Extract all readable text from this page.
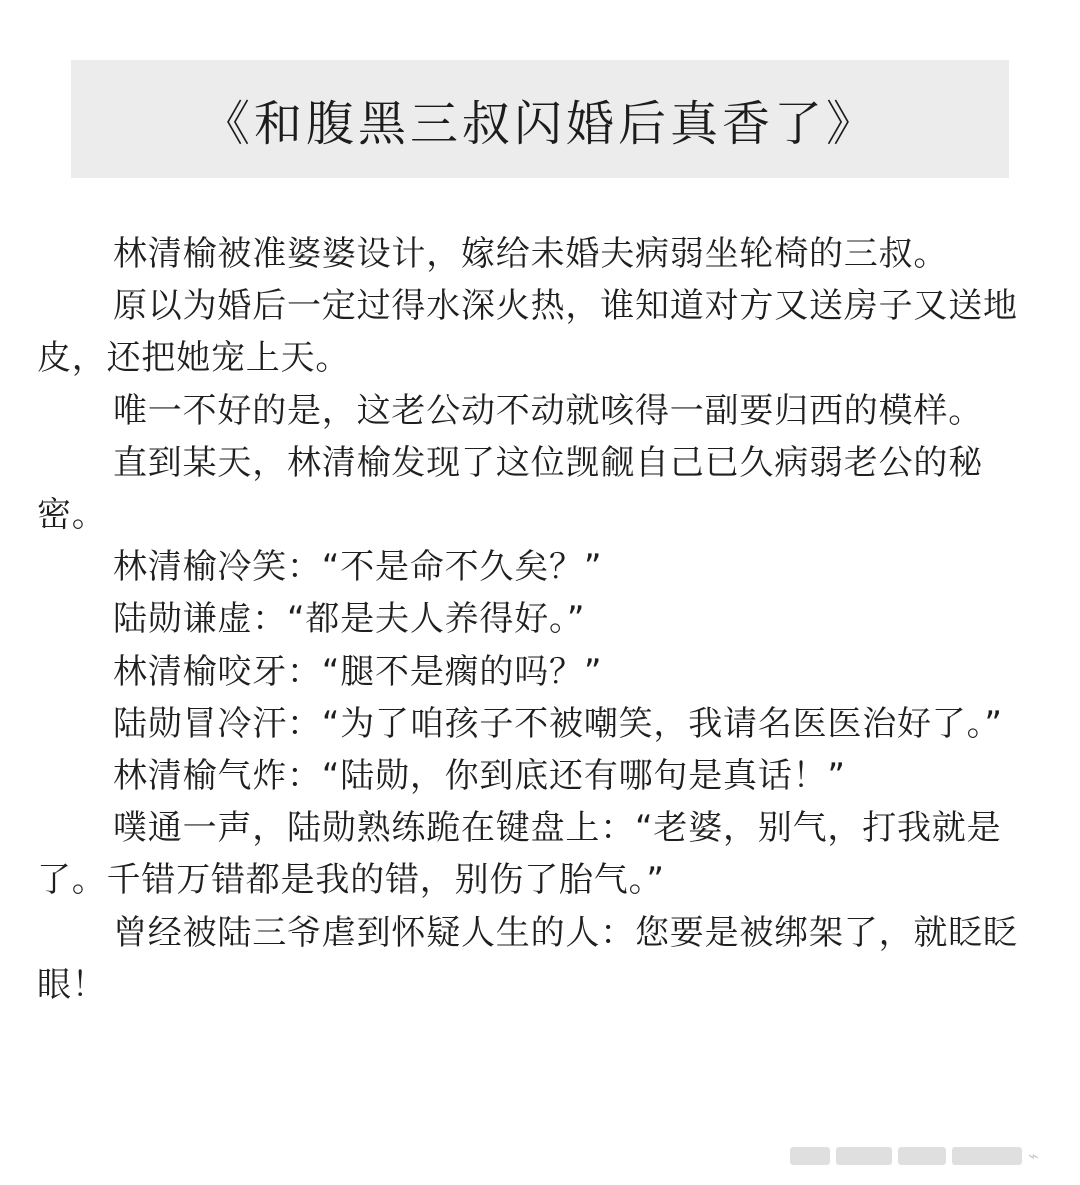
《和腹黑三叔闪婚后真香了》

林清榆被准婆婆设计，嫁给未婚夫病弱坐轮椅的三叔。

原以为婚后一定过得水深火热，谁知道对方又送房子又送地皮，还把她宠上天。

唯一不好的是，这老公动不动就咳得一副要归西的模样。

直到某天，林清榆发现了这位觊觎自己已久病弱老公的秘密。

林清榆冷笑：“不是命不久矣？”

陆勋谦虚：“都是夫人养得好。”

林清榆咬牙：“腿不是瘸的吗？”

陆勋冒冷汗：“为了咱孩子不被嘲笑，我请名医医治好了。”

林清榆气炸：“陆勋，你到底还有哪句是真话！”

噗通一声，陆勋熟练跪在键盘上：“老婆，别气，打我就是了。千错万错都是我的错，别伤了胎气。”

曾经被陆三爷虐到怀疑人生的人：您要是被绑架了，就眨眨眼！

⌁
